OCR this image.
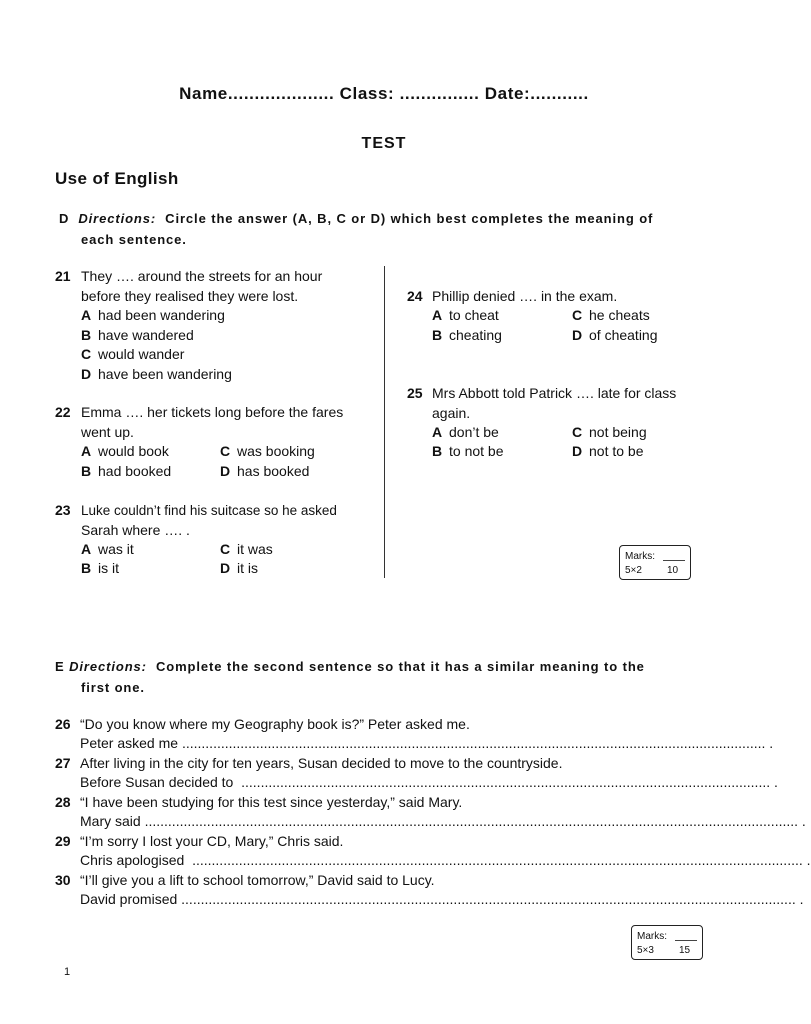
Name.................... Class: ............... Date:...........
TEST
Use of English
D Directions: Circle the answer (A, B, C or D) which best completes the meaning of
each sentence.
21 They …. around the streets for an hour
before they realised they were lost.
A had been wandering
B have wandered
C would wander
D have been wandering
22 Emma …. her tickets long before the fares
went up.
A would book	C was booking
B had booked	D has booked
23 Luke couldn’t find his suitcase so he asked
Sarah where …. .
A was it	C it was
B is it	D it is
24 Phillip denied …. in the exam.
A to cheat	C he cheats
B cheating	D of cheating
25 Mrs Abbott told Patrick …. late for class
again.
A don’t be	C not being
B to not be	D not to be
Marks:
5×2	10
E Directions: Complete the second sentence so that it has a similar meaning to the
first one.
26 “Do you know where my Geography book is?” Peter asked me.
Peter asked me ...................................................................................................................................................... .
27 After living in the city for ten years, Susan decided to move to the countryside.
Before Susan decided to  ........................................................................................................................................ .
28 “I have been studying for this test since yesterday,” said Mary.
Mary said ........................................................................................................................................................................ .
29 “I’m sorry I lost your CD, Mary,” Chris said.
Chris apologised  ............................................................................................................................................................. .
30 “I’ll give you a lift to school tomorrow,” David said to Lucy.
David promised .............................................................................................................................................................. .
Marks:
5×3	15
1
